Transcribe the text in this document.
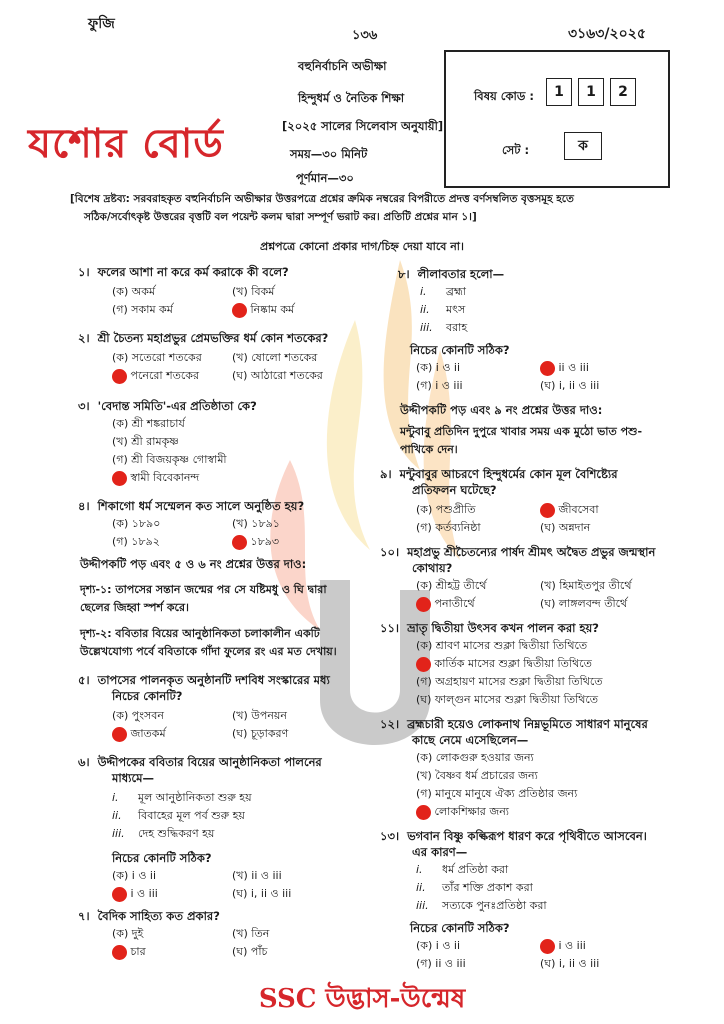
ফুজি
১৩৬	৩১৬৩/২০২৫
যশোর বোর্ড
বহুনির্বাচনি অভীক্ষা
হিন্দুধর্ম ও নৈতিক শিক্ষা
[২০২৫ সালের সিলেবাস অনুযায়ী]
সময়—৩০ মিনিট
পূর্ণমান—৩০
বিষয় কোড :	1	1	2
সেট :	ক
[বিশেষ দ্রষ্টব্য: সরবরাহকৃত বহুনির্বাচনি অভীক্ষার উত্তরপত্রে প্রশ্নের ক্রমিক নম্বরের বিপরীতে প্রদত্ত বর্ণসম্বলিত বৃত্তসমূহ হতে
সঠিক/সর্বোৎকৃষ্ট উত্তরের বৃত্তটি বল পয়েন্ট কলম দ্বারা সম্পূর্ণ ভরাট কর। প্রতিটি প্রশ্নের মান ১।]
প্রশ্নপত্রে কোনো প্রকার দাগ/চিহ্ন দেয়া যাবে না।
১। ফলের আশা না করে কর্ম করাকে কী বলে?
(ক) অকর্ম	(খ) বিকর্ম
(গ) সকাম কর্ম	নিষ্কাম কর্ম
২। শ্রী চৈতন্য মহাপ্রভুর প্রেমভক্তির ধর্ম কোন শতকের?
(ক) সতেরো শতকের	(খ) ষোলো শতকের
পনেরো শতকের	(ঘ) আঠারো শতকের
৩। 'বেদান্ত সমিতি'-এর প্রতিষ্ঠাতা কে?
(ক) শ্রী শঙ্করাচার্য
(খ) শ্রী রামকৃষ্ণ
(গ) শ্রী বিজয়কৃষ্ণ গোস্বামী
স্বামী বিবেকানন্দ
৪। শিকাগো ধর্ম সম্মেলন কত সালে অনুষ্ঠিত হয়?
(ক) ১৮৯০	(খ) ১৮৯১
(গ) ১৮৯২	১৮৯৩
উদ্দীপকটি পড় এবং ৫ ও ৬ নং প্রশ্নের উত্তর দাও:
দৃশ্য-১: তাপসের সন্তান জন্মের পর সে যষ্টিমধু ও ঘি দ্বারা
ছেলের জিহ্বা স্পর্শ করে।
দৃশ্য-২: ববিতার বিয়ের আনুষ্ঠানিকতা চলাকালীন একটি
উল্লেখযোগ্য পর্বে ববিতাকে গাঁদা ফুলের রং এর মত দেখায়।
৫। তাপসের পালনকৃত অনুষ্ঠানটি দশবিধ সংস্কারের মধ্য
নিচের কোনটি?
(ক) পুংসবন	(খ) উপনয়ন
জাতকর্ম	(ঘ) চূড়াকরণ
৬। উদ্দীপকের ববিতার বিয়ের আনুষ্ঠানিকতা পালনের
মাধ্যমে—
i. মূল আনুষ্ঠানিকতা শুরু হয়
ii. বিবাহের মূল পর্ব শুরু হয়
iii. দেহ শুদ্ধিকরণ হয়
নিচের কোনটি সঠিক?
(ক) i ও ii	(খ) ii ও iii
i ও iii	(ঘ) i, ii ও iii
৭। বৈদিক সাহিত্য কত প্রকার?
(ক) দুই	(খ) তিন
চার	(ঘ) পাঁচ
৮। লীলাবতার হলো—
i. ব্রহ্মা
ii. মৎস
iii. বরাহ
নিচের কোনটি সঠিক?
(ক) i ও ii	ii ও iii
(গ) i ও iii	(ঘ) i, ii ও iii
উদ্দীপকটি পড় এবং ৯ নং প্রশ্নের উত্তর দাও:
মন্টুবাবু প্রতিদিন দুপুরে খাবার সময় এক মুঠো ভাত পশু-
পাখিকে দেন।
৯। মন্টুবাবুর আচরণে হিন্দুধর্মের কোন মূল বৈশিষ্ট্যের
প্রতিফলন ঘটেছে?
(ক) পশুপ্রীতি	জীবসেবা
(গ) কর্তব্যনিষ্ঠা	(ঘ) অন্নদান
১০। মহাপ্রভু শ্রীচৈতন্যের পার্ষদ শ্রীমৎ অদ্বৈত প্রভুর জন্মস্থান
কোথায়?
(ক) শ্রীহট্ট তীর্থে	(খ) হিমাইতপুর তীর্থে
পনাতীর্থে	(ঘ) লাঙ্গলবন্দ তীর্থে
১১। ভ্রাতৃ দ্বিতীয়া উৎসব কখন পালন করা হয়?
(ক) শ্রাবণ মাসের শুক্লা দ্বিতীয়া তিথিতে
কার্তিক মাসের শুক্লা দ্বিতীয়া তিথিতে
(গ) অগ্রহায়ণ মাসের শুক্লা দ্বিতীয়া তিথিতে
(ঘ) ফাল্গুন মাসের শুক্লা দ্বিতীয়া তিথিতে
১২। ব্রহ্মচারী হয়েও লোকনাথ নিম্নভূমিতে সাধারণ মানুষের
কাছে নেমে এসেছিলেন—
(ক) লোকগুরু হওয়ার জন্য
(খ) বৈষ্ণব ধর্ম প্রচারের জন্য
(গ) মানুষে মানুষে ঐক্য প্রতিষ্ঠার জন্য
লোকশিক্ষার জন্য
১৩। ভগবান বিষ্ণু কল্কিরূপ ধারণ করে পৃথিবীতে আসবেন।
এর কারণ—
i. ধর্ম প্রতিষ্ঠা করা
ii. তাঁর শক্তি প্রকাশ করা
iii. সত্যকে পুনঃপ্রতিষ্ঠা করা
নিচের কোনটি সঠিক?
(ক) i ও ii	i ও iii
(গ) ii ও iii	(ঘ) i, ii ও iii
SSC উদ্ভাস-উন্মেষ
